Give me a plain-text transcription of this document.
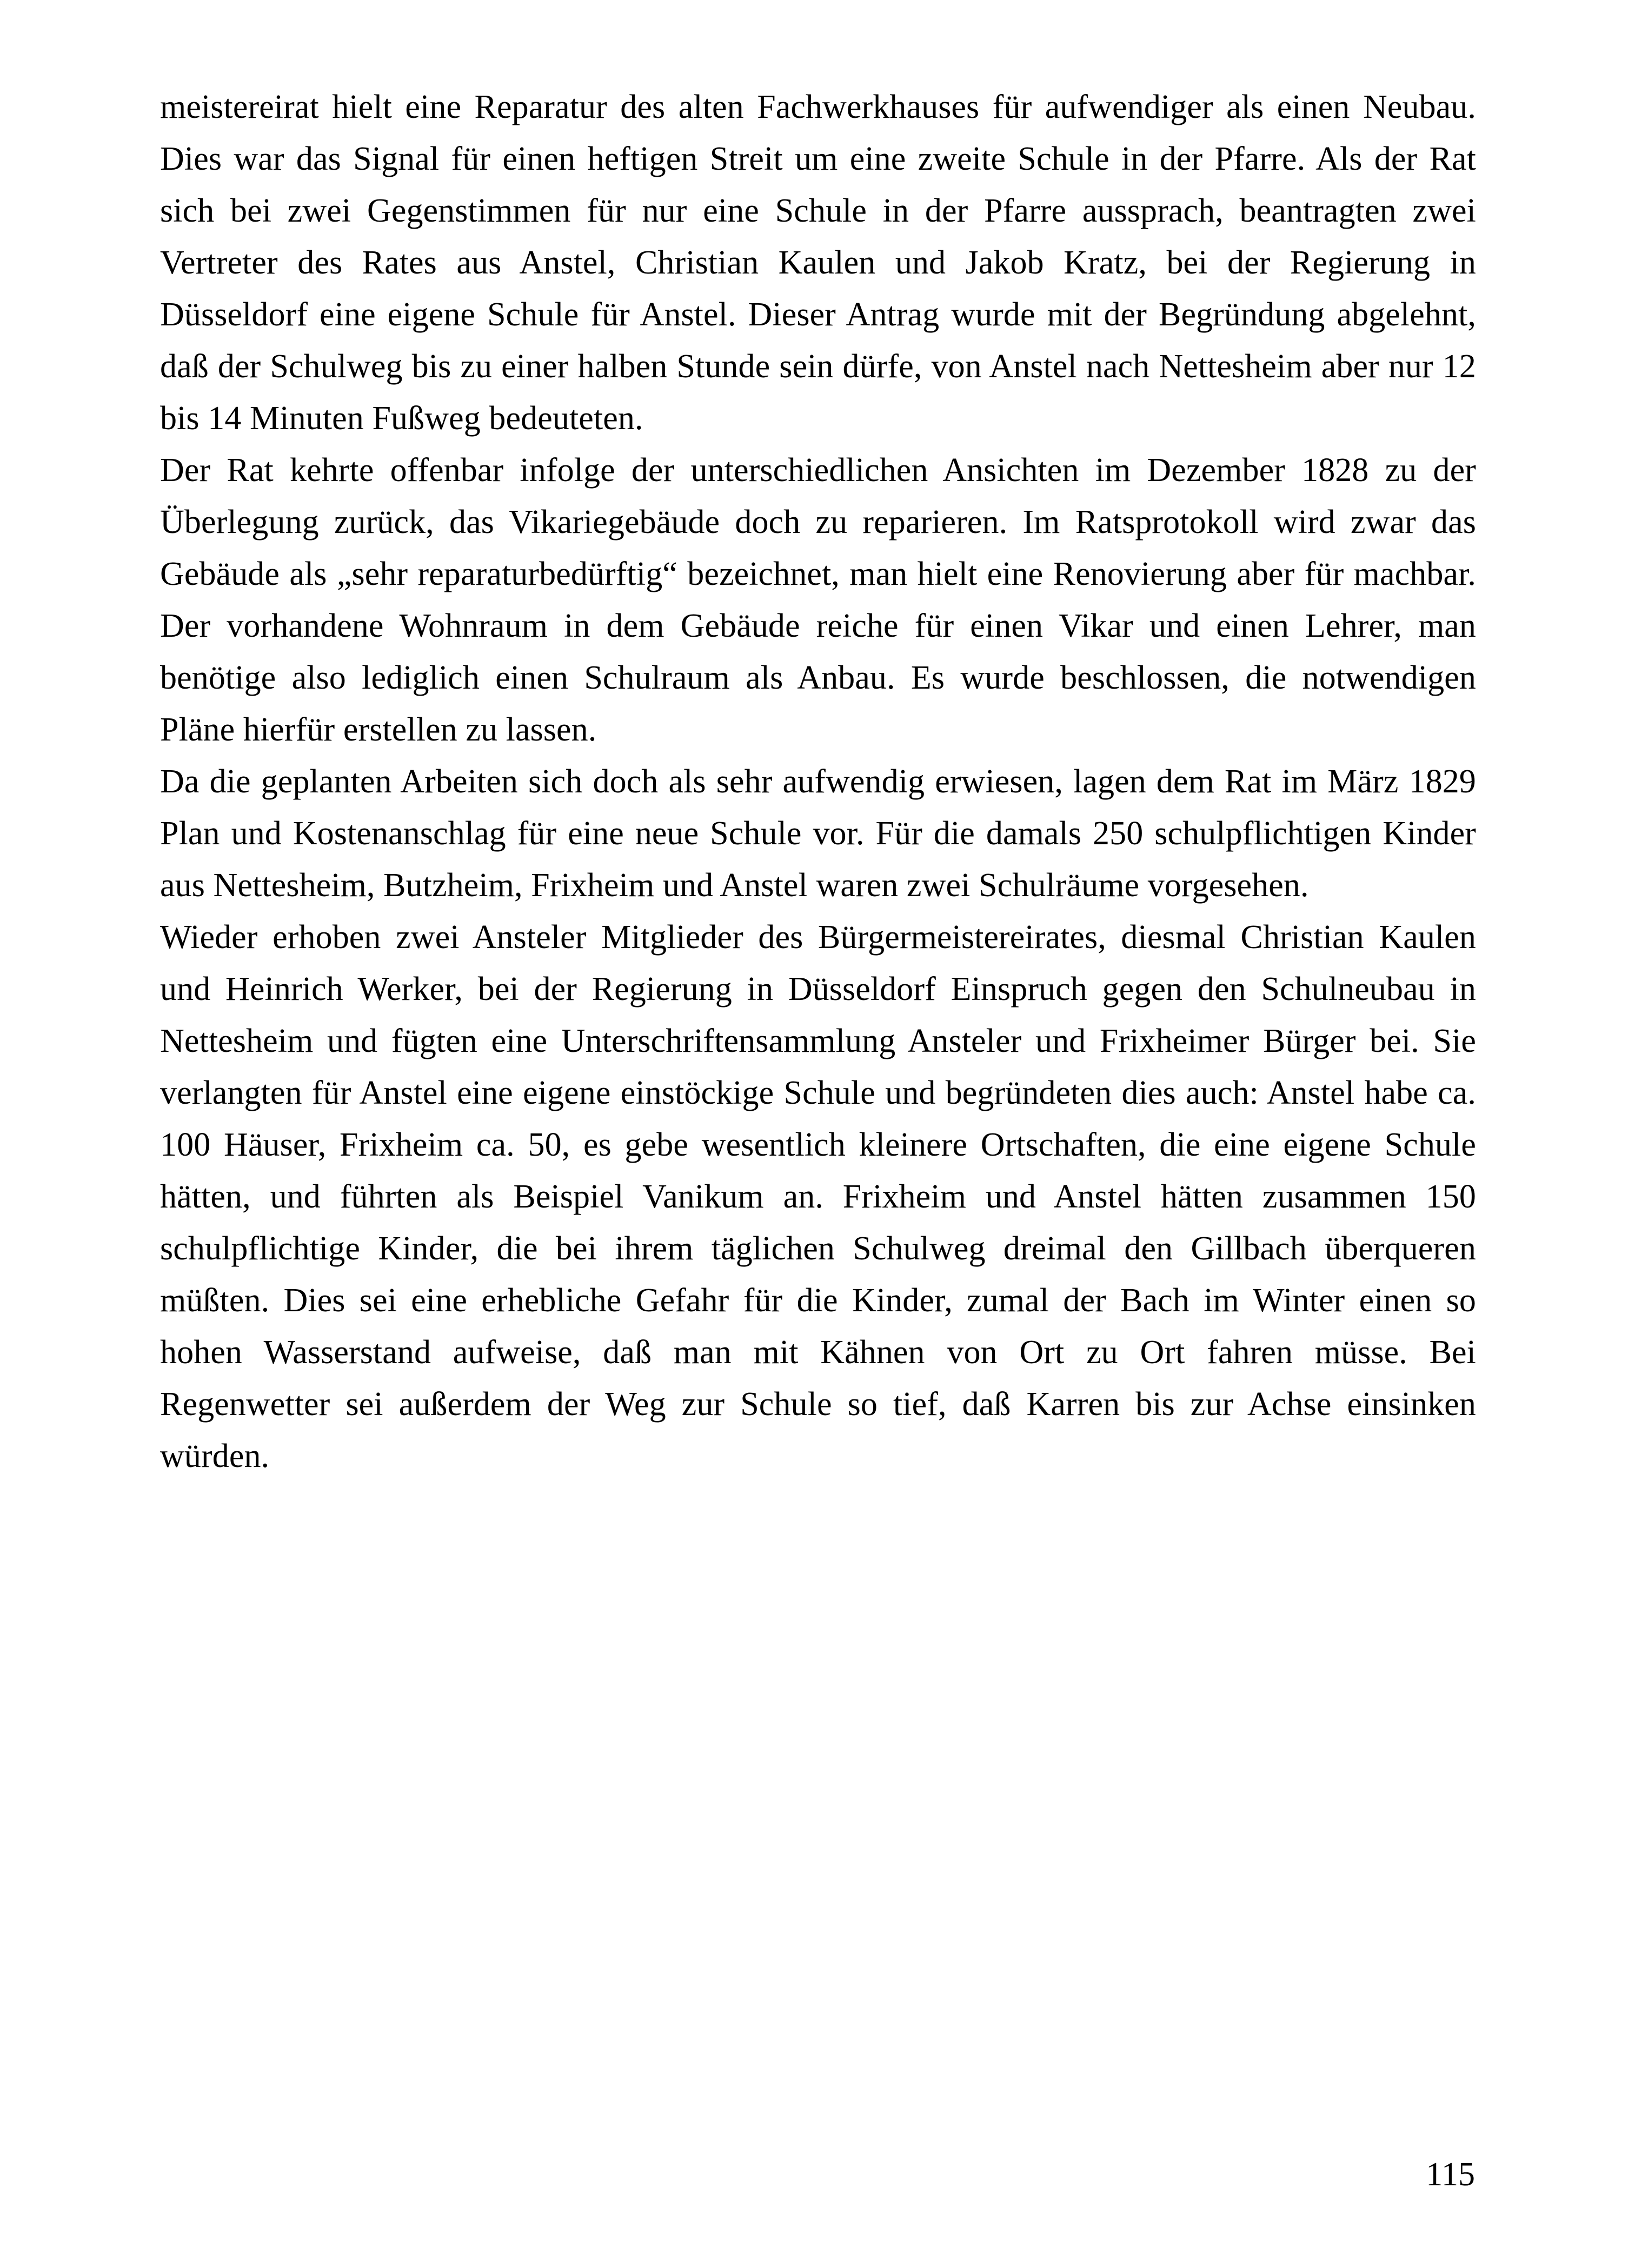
meistereirat hielt eine Reparatur des alten Fachwerkhauses für aufwendiger als einen Neubau. Dies war das Signal für einen heftigen Streit um eine zweite Schule in der Pfarre. Als der Rat sich bei zwei Gegenstimmen für nur eine Schule in der Pfarre aussprach, beantragten zwei Vertreter des Rates aus Anstel, Christian Kaulen und Jakob Kratz, bei der Regierung in Düsseldorf eine eigene Schule für Anstel. Dieser Antrag wurde mit der Begründung abgelehnt, daß der Schulweg bis zu einer halben Stunde sein dürfe, von Anstel nach Nettesheim aber nur 12 bis 14 Minuten Fußweg bedeuteten.

Der Rat kehrte offenbar infolge der unterschiedlichen Ansichten im Dezember 1828 zu der Überlegung zurück, das Vikariegebäude doch zu reparieren. Im Ratsprotokoll wird zwar das Gebäude als „sehr reparaturbedürftig“ bezeichnet, man hielt eine Renovierung aber für machbar. Der vorhandene Wohnraum in dem Gebäude reiche für einen Vikar und einen Lehrer, man benötige also lediglich einen Schulraum als Anbau. Es wurde beschlossen, die notwendigen Pläne hierfür erstellen zu lassen.

Da die geplanten Arbeiten sich doch als sehr aufwendig erwiesen, lagen dem Rat im März 1829 Plan und Kostenanschlag für eine neue Schule vor. Für die damals 250 schulpflichtigen Kinder aus Nettesheim, Butzheim, Frixheim und Anstel waren zwei Schulräume vorgesehen.

Wieder erhoben zwei Ansteler Mitglieder des Bürgermeistereirates, diesmal Christian Kaulen und Heinrich Werker, bei der Regierung in Düsseldorf Einspruch gegen den Schulneubau in Nettesheim und fügten eine Unterschriftensammlung Ansteler und Frixheimer Bürger bei. Sie verlangten für Anstel eine eigene einstöckige Schule und begründeten dies auch: Anstel habe ca. 100 Häuser, Frixheim ca. 50, es gebe wesentlich kleinere Ortschaften, die eine eigene Schule hätten, und führten als Beispiel Vanikum an. Frixheim und Anstel hätten zusammen 150 schulpflichtige Kinder, die bei ihrem täglichen Schulweg dreimal den Gillbach überqueren müßten. Dies sei eine erhebliche Gefahr für die Kinder, zumal der Bach im Winter einen so hohen Wasserstand aufweise, daß man mit Kähnen von Ort zu Ort fahren müsse. Bei Regenwetter sei außerdem der Weg zur Schule so tief, daß Karren bis zur Achse einsinken würden.

115
